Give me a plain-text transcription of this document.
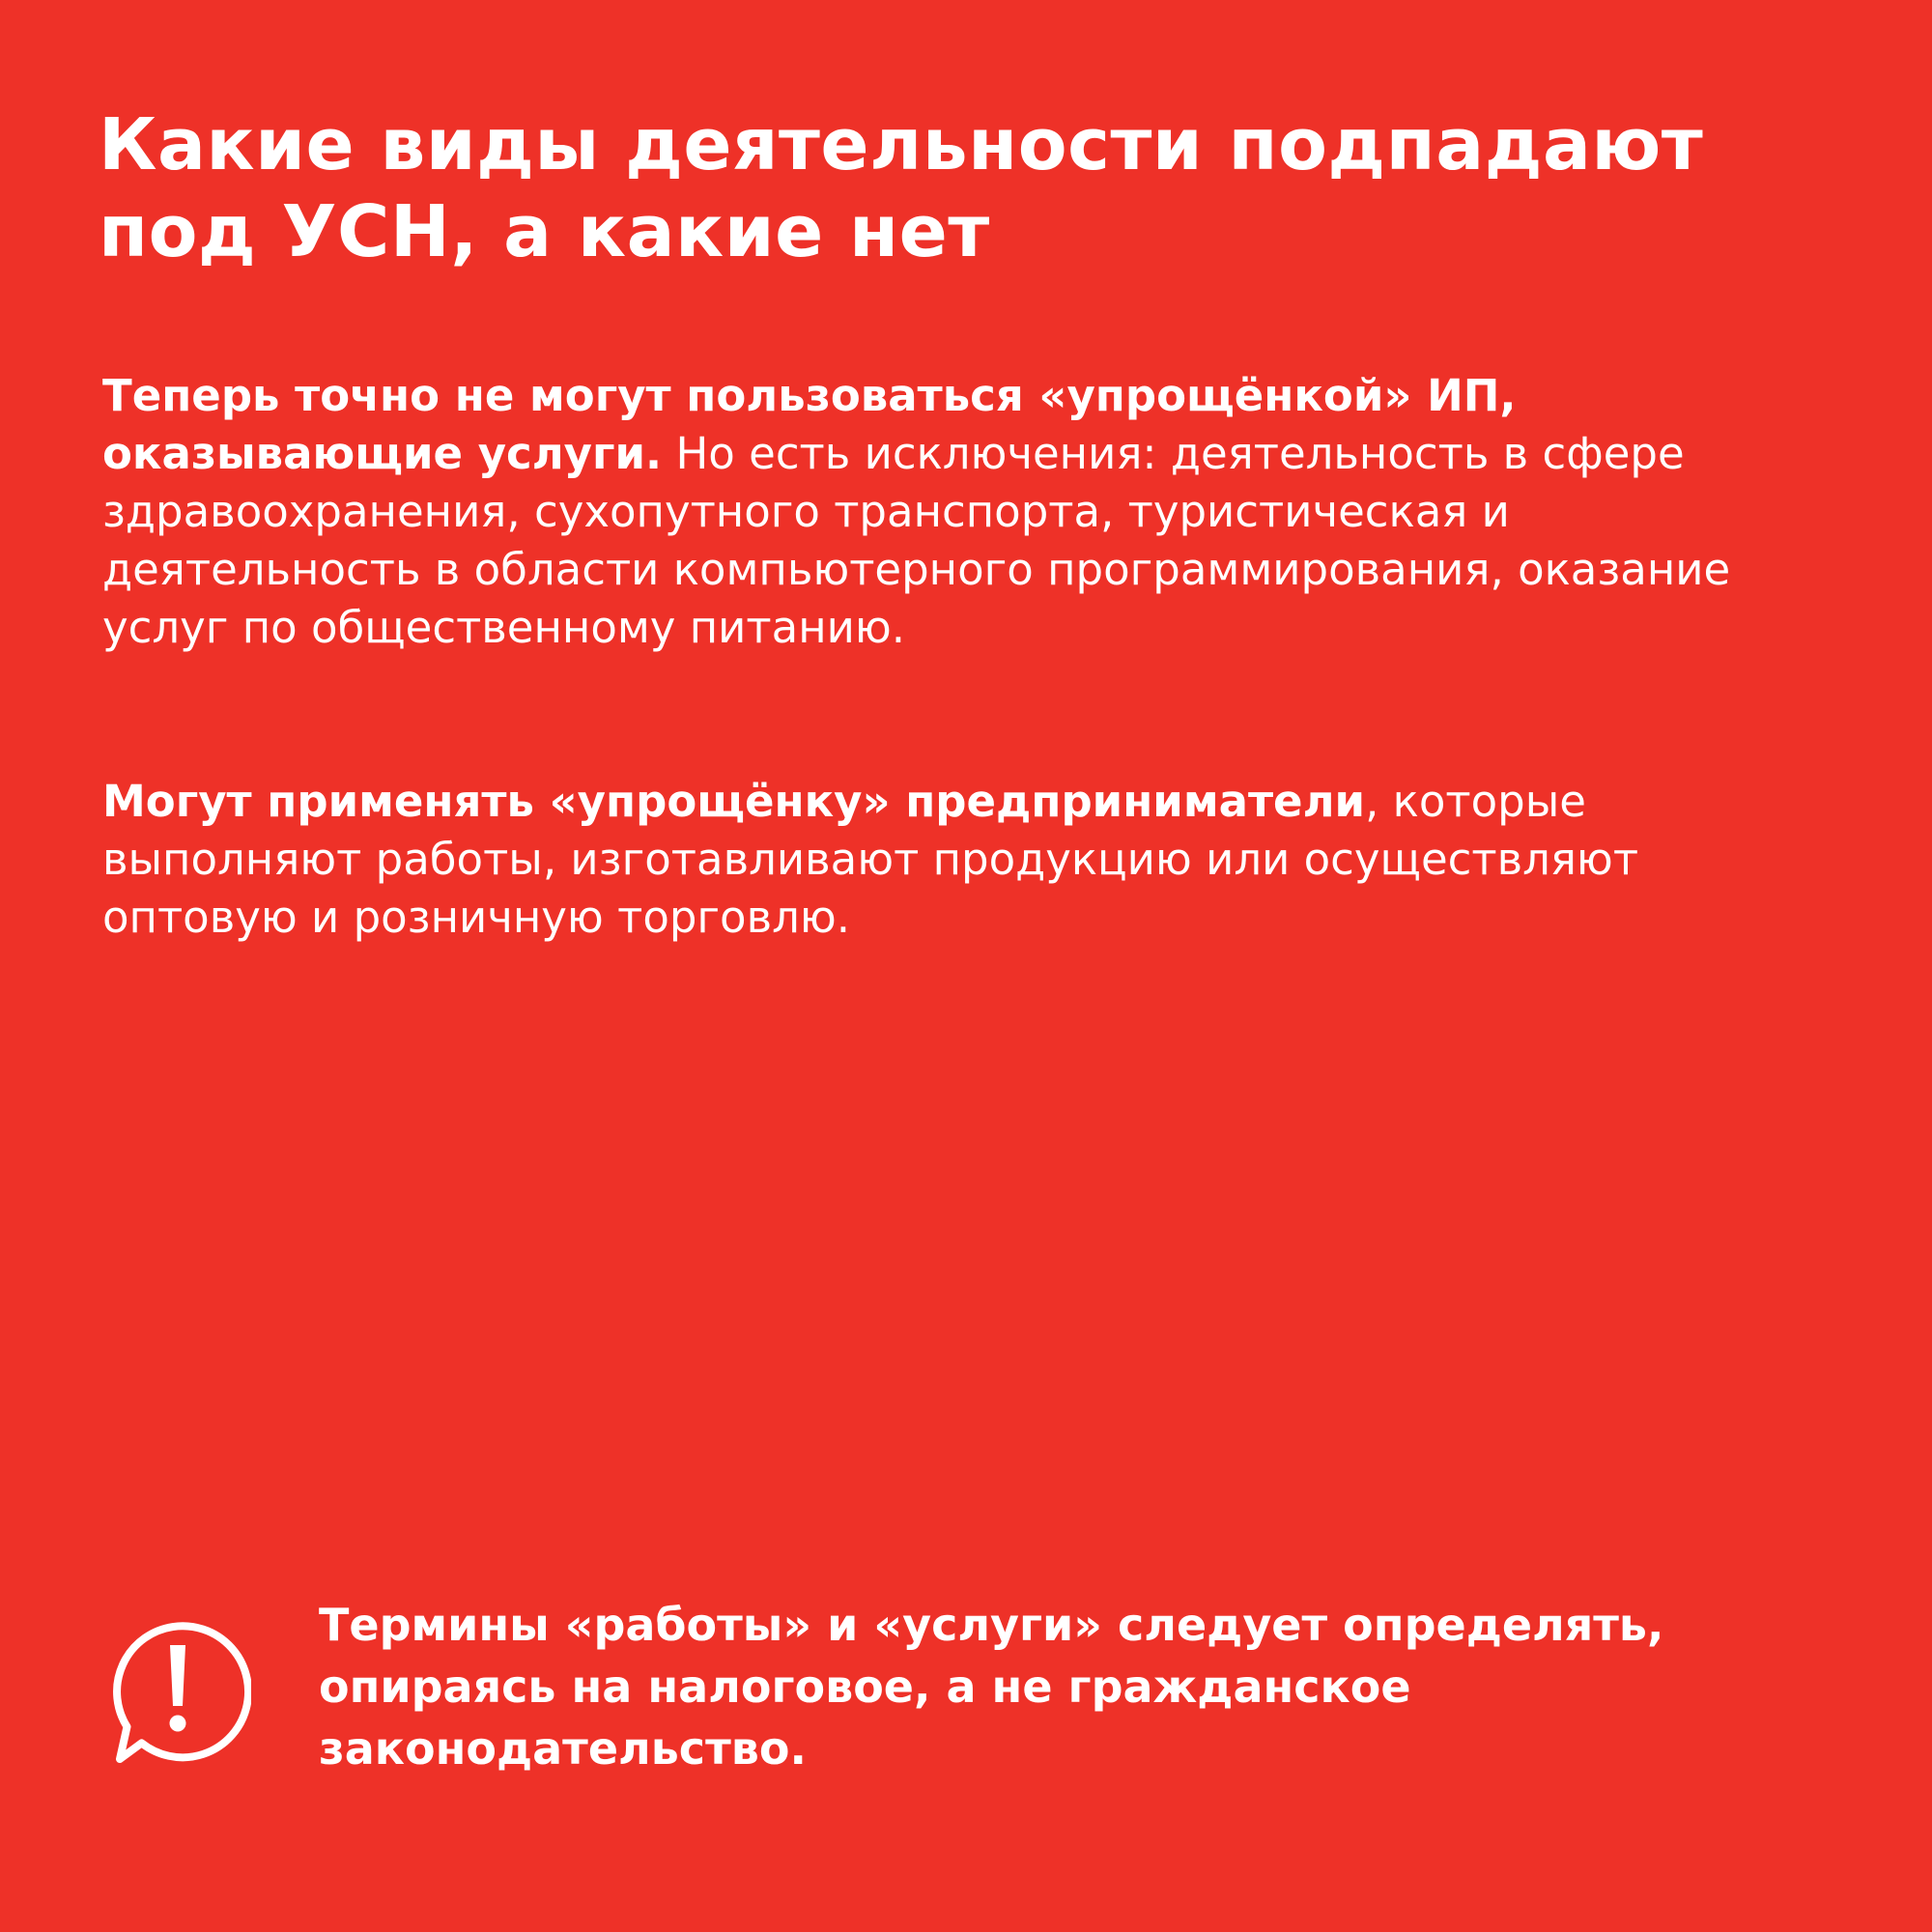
Какие виды деятельности подпадают под УСН, а какие нет

Теперь точно не могут пользоваться «упрощёнкой» ИП, оказывающие услуги. Но есть исключения: деятельность в сфере здравоохранения, сухопутного транспорта, туристическая и деятельность в области компьютерного программирования, оказание услуг по общественному питанию.

Могут применять «упрощёнку» предприниматели, которые выполняют работы, изготавливают продукцию или осуществляют оптовую и розничную торговлю.

Термины «работы» и «услуги» следует определять, опираясь на налоговое, а не гражданское законодательство.
